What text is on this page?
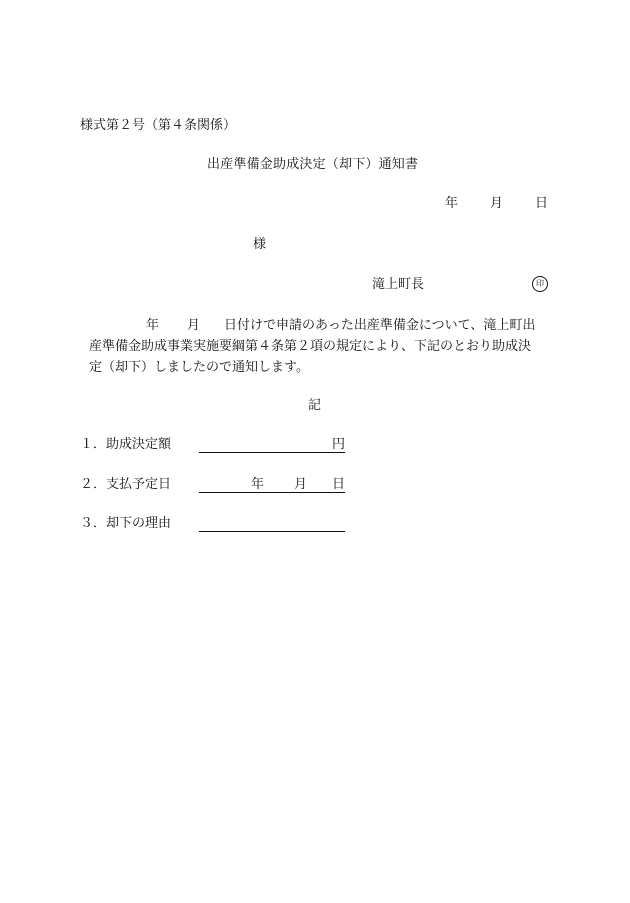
様式第２号（第４条関係）
出産準備金助成決定（却下）通知書
年 月 日
様
滝上町長	印
年 月 日付けで申請のあった出産準備金について、滝上町出
産準備金助成事業実施要綱第４条第２項の規定により、下記のとおり助成決
定（却下）しましたので通知します。
記
１．助成決定額	円
２．支払予定日	年 月 日
３．却下の理由
